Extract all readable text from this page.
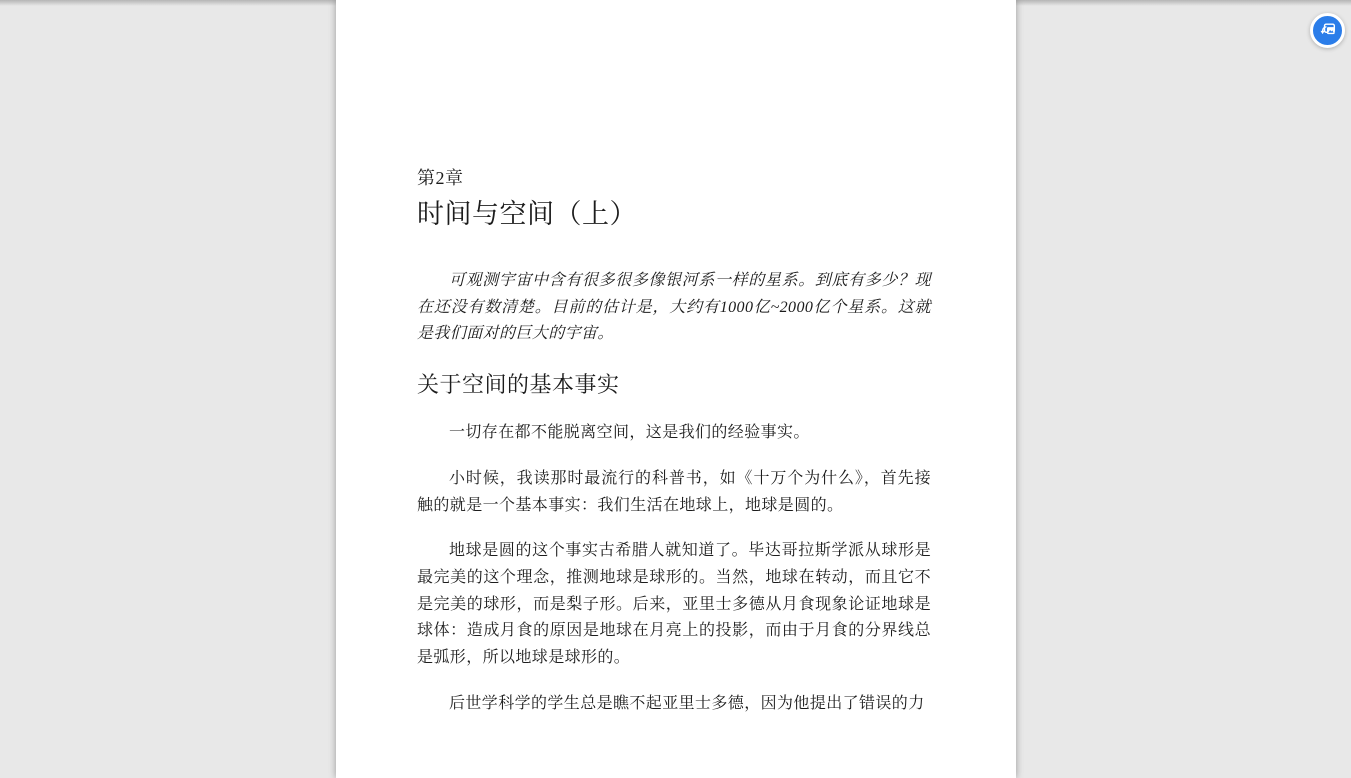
第2章
时间与空间（上）

可观测宇宙中含有很多很多像银河系一样的星系。到底有多少？现在还没有数清楚。目前的估计是，大约有1000亿~2000亿个星系。这就是我们面对的巨大的宇宙。

关于空间的基本事实

一切存在都不能脱离空间，这是我们的经验事实。

小时候，我读那时最流行的科普书，如《十万个为什么》，首先接触的就是一个基本事实：我们生活在地球上，地球是圆的。

地球是圆的这个事实古希腊人就知道了。毕达哥拉斯学派从球形是最完美的这个理念，推测地球是球形的。当然，地球在转动，而且它不是完美的球形，而是梨子形。后来，亚里士多德从月食现象论证地球是球体：造成月食的原因是地球在月亮上的投影，而由于月食的分界线总是弧形，所以地球是球形的。

后世学科学的学生总是瞧不起亚里士多德，因为他提出了错误的力
